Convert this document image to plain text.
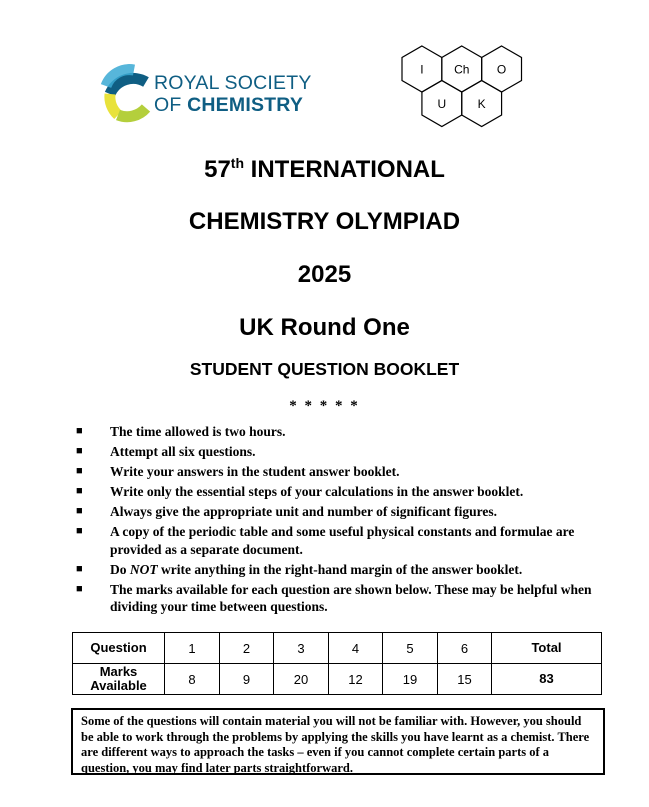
ROYAL SOCIETY
OF CHEMISTRY
I	Ch O
U	K
57th INTERNATIONAL
CHEMISTRY OLYMPIAD
2025
UK Round One
STUDENT QUESTION BOOKLET
* * * * *
■ The time allowed is two hours.
■ Attempt all six questions.
■ Write your answers in the student answer booklet.
■ Write only the essential steps of your calculations in the answer booklet.
■ Always give the appropriate unit and number of significant figures.
■ A copy of the periodic table and some useful physical constants and formulae are provided as a separate document.
■ Do NOT write anything in the right-hand margin of the answer booklet.
■ The marks available for each question are shown below. These may be helpful when dividing your time between questions.
Question	1	2	3	4	5	6	Total
Marks Available	8	9	20	12	19	15	83
Some of the questions will contain material you will not be familiar with. However, you should be able to work through the problems by applying the skills you have learnt as a chemist. There are different ways to approach the tasks – even if you cannot complete certain parts of a question, you may find later parts straightforward.
